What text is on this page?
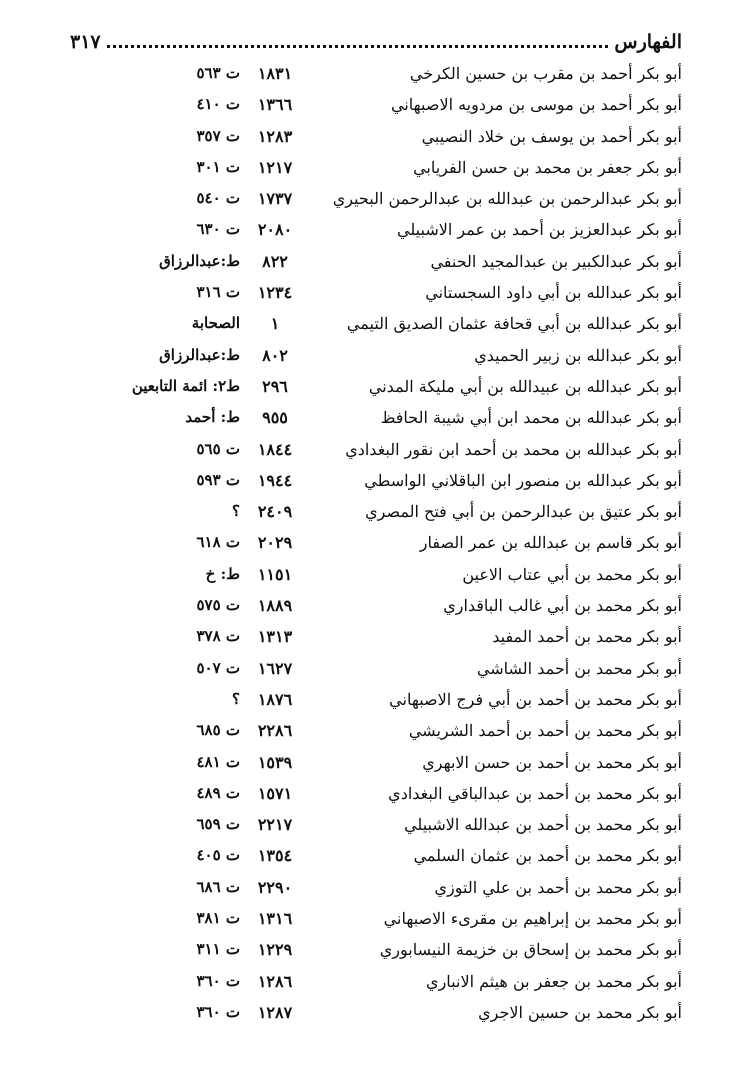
الفهارس
٣١٧
أبو بكر أحمد بن مقرب بن حسين الكرخي
١٨٣١
ت ٥٦٣
أبو بكر أحمد بن موسى بن مردويه الاصبهاني
١٣٦٦
ت ٤١٠
أبو بكر أحمد بن يوسف بن خلاد النصيبي
١٢٨٣
ت ٣٥٧
أبو بكر جعفر بن محمد بن حسن الفريابي
١٢١٧
ت ٣٠١
أبو بكر عبدالرحمن بن عبدالله بن عبدالرحمن البحيري
١٧٣٧
ت ٥٤٠
أبو بكر عبدالعزيز بن أحمد بن عمر الاشبيلي
٢٠٨٠
ت ٦٣٠
أبو بكر عبدالكبير بن عبدالمجيد الحنفي
٨٢٢
ط:عبدالرزاق
أبو بكر عبدالله بن أبي داود السجستاني
١٢٣٤
ت ٣١٦
أبو بكر عبدالله بن أبي قحافة عثمان الصديق التيمي
١
الصحابة
أبو بكر عبدالله بن زبير الحميدي
٨٠٢
ط:عبدالرزاق
أبو بكر عبدالله بن عبيدالله بن أبي مليكة المدني
٢٩٦
ط٢: ائمة التابعين
أبو بكر عبدالله بن محمد ابن أبي شيبة الحافظ
٩٥٥
ط: أحمد
أبو بكر عبدالله بن محمد بن أحمد ابن نقور البغدادي
١٨٤٤
ت ٥٦٥
أبو بكر عبدالله بن منصور ابن الباقلاني الواسطي
١٩٤٤
ت ٥٩٣
أبو بكر عتيق بن عبدالرحمن بن أبي فتح المصري
٢٤٠٩
؟
أبو بكر قاسم بن عبدالله بن عمر الصفار
٢٠٢٩
ت ٦١٨
أبو بكر محمد بن أبي عتاب الاعين
١١٥١
ط: خ
أبو بكر محمد بن أبي غالب الباقداري
١٨٨٩
ت ٥٧٥
أبو بكر محمد بن أحمد المفيد
١٣١٣
ت ٣٧٨
أبو بكر محمد بن أحمد الشاشي
١٦٢٧
ت ٥٠٧
أبو بكر محمد بن أحمد بن أبي فرج الاصبهاني
١٨٧٦
؟
أبو بكر محمد بن أحمد بن أحمد الشريشي
٢٢٨٦
ت ٦٨٥
أبو بكر محمد بن أحمد بن حسن الابهري
١٥٣٩
ت ٤٨١
أبو بكر محمد بن أحمد بن عبدالباقي البغدادي
١٥٧١
ت ٤٨٩
أبو بكر محمد بن أحمد بن عبدالله الاشبيلي
٢٢١٧
ت ٦٥٩
أبو بكر محمد بن أحمد بن عثمان السلمي
١٣٥٤
ت ٤٠٥
أبو بكر محمد بن أحمد بن علي التوزي
٢٢٩٠
ت ٦٨٦
أبو بكر محمد بن إبراهيم بن مقرىء الاصبهاني
١٣١٦
ت ٣٨١
أبو بكر محمد بن إسحاق بن خزيمة النيسابوري
١٢٢٩
ت ٣١١
أبو بكر محمد بن جعفر بن هيثم الانباري
١٢٨٦
ت ٣٦٠
أبو بكر محمد بن حسين الاجري
١٢٨٧
ت ٣٦٠
